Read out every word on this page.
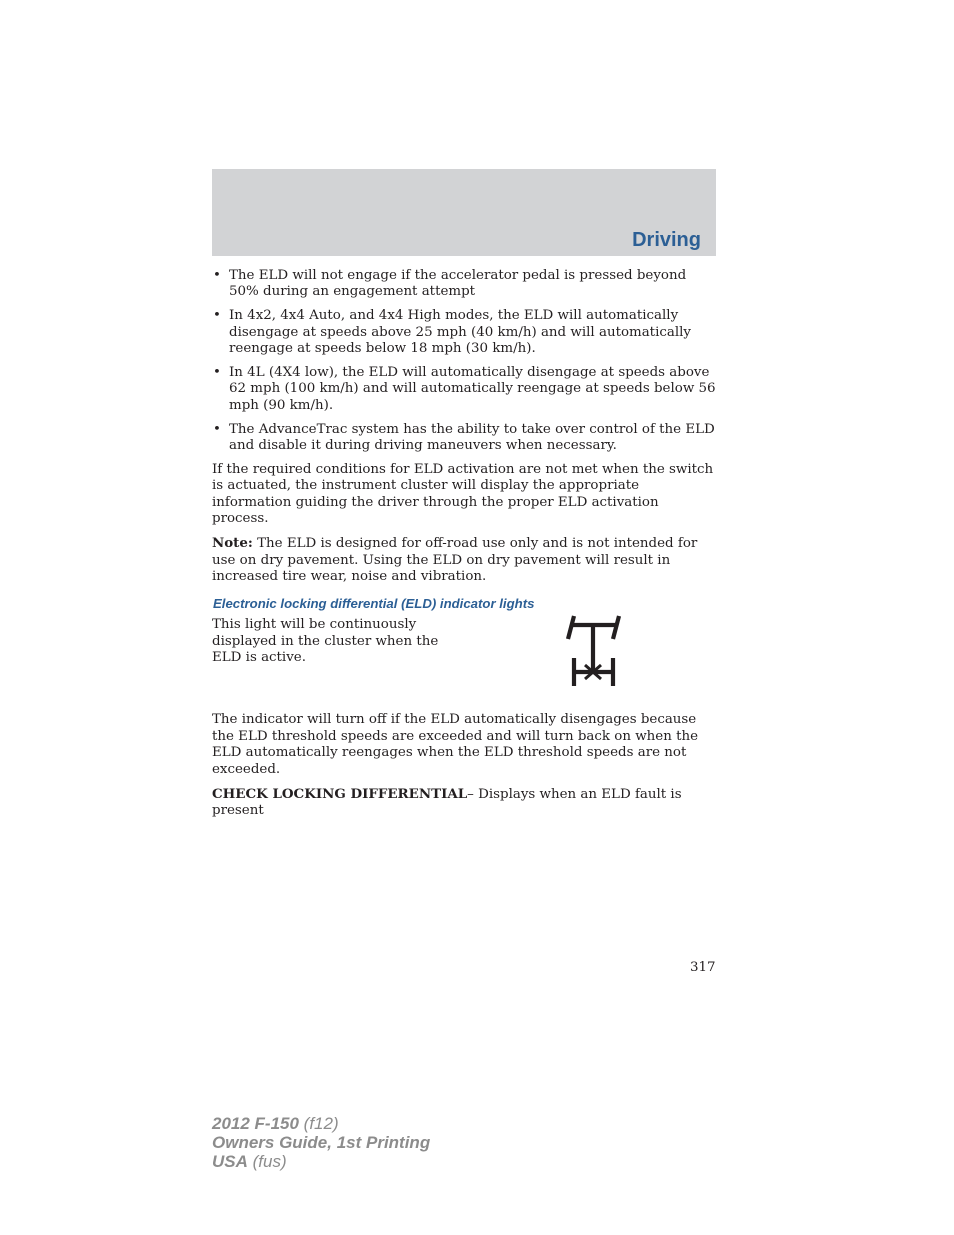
Driving
• The ELD will not engage if the accelerator pedal is pressed beyond 50% during an engagement attempt
• In 4x2, 4x4 Auto, and 4x4 High modes, the ELD will automatically disengage at speeds above 25 mph (40 km/h) and will automatically reengage at speeds below 18 mph (30 km/h).
• In 4L (4X4 low), the ELD will automatically disengage at speeds above 62 mph (100 km/h) and will automatically reengage at speeds below 56 mph (90 km/h).
• The AdvanceTrac system has the ability to take over control of the ELD and disable it during driving maneuvers when necessary.

If the required conditions for ELD activation are not met when the switch is actuated, the instrument cluster will display the appropriate information guiding the driver through the proper ELD activation process.

Note: The ELD is designed for off-road use only and is not intended for use on dry pavement. Using the ELD on dry pavement will result in increased tire wear, noise and vibration.

Electronic locking differential (ELD) indicator lights
This light will be continuously displayed in the cluster when the ELD is active.

The indicator will turn off if the ELD automatically disengages because the ELD threshold speeds are exceeded and will turn back on when the ELD automatically reengages when the ELD threshold speeds are not exceeded.

CHECK LOCKING DIFFERENTIAL– Displays when an ELD fault is present

317
2012 F-150 (f12)
Owners Guide, 1st Printing
USA (fus)
